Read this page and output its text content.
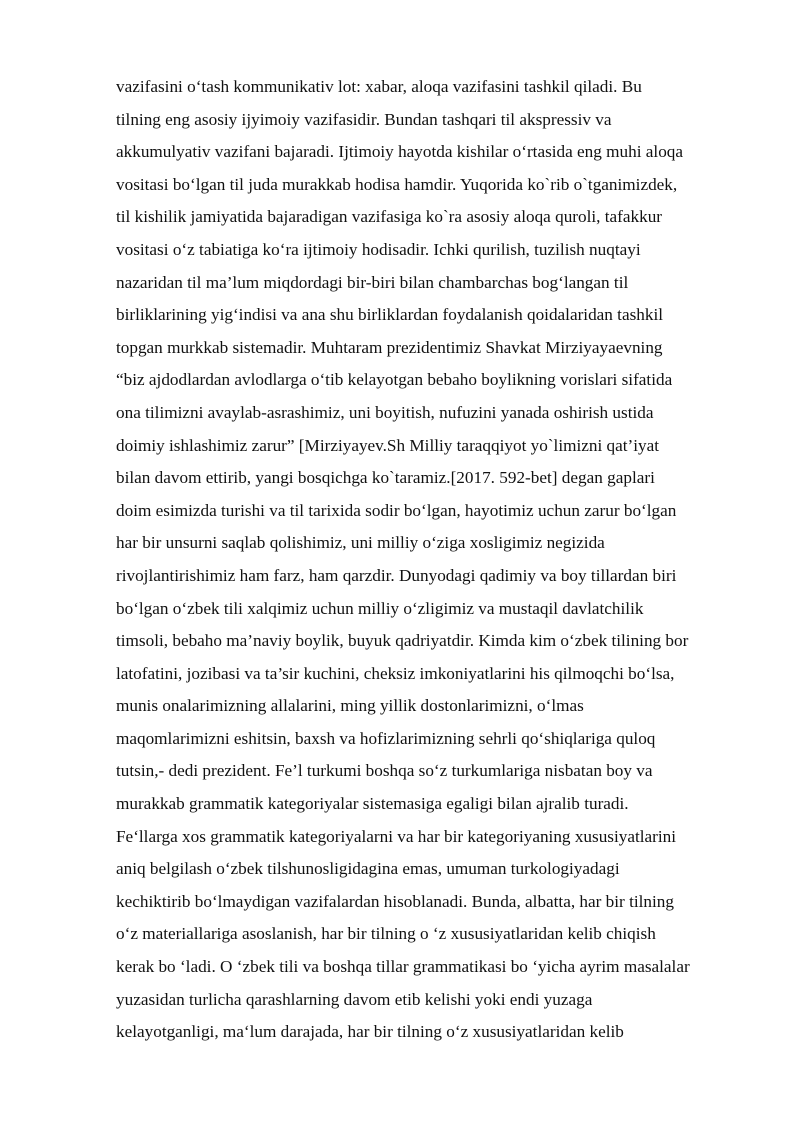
vazifasini o‘tash kommunikativ lot: xabar, aloqa vazifasini tashkil qiladi. Bu
tilning eng asosiy ijyimoiy vazifasidir. Bundan tashqari til akspressiv va
akkumulyativ vazifani bajaradi. Ijtimoiy hayotda kishilar o‘rtasida eng muhi aloqa
vositasi bo‘lgan til juda murakkab hodisa hamdir. Yuqorida ko`rib o`tganimizdek,
til kishilik jamiyatida bajaradigan vazifasiga ko`ra asosiy aloqa quroli, tafakkur
vositasi o‘z tabiatiga ko‘ra ijtimoiy hodisadir. Ichki qurilish, tuzilish nuqtayi
nazaridan til ma’lum miqdordagi bir-biri bilan chambarchas bog‘langan til
birliklarining yig‘indisi va ana shu birliklardan foydalanish qoidalaridan tashkil
topgan murkkab sistemadir. Muhtaram prezidentimiz Shavkat Mirziyayaevning
“biz ajdodlardan avlodlarga o‘tib kelayotgan bebaho boylikning vorislari sifatida
ona tilimizni avaylab-asrashimiz, uni boyitish, nufuzini yanada oshirish ustida
doimiy ishlashimiz zarur” [Mirziyayev.Sh Milliy taraqqiyot yo`limizni qat’iyat
bilan davom ettirib, yangi bosqichga ko`taramiz.[2017. 592-bet] degan gaplari
doim esimizda turishi va til tarixida sodir bo‘lgan, hayotimiz uchun zarur bo‘lgan
har bir unsurni saqlab qolishimiz, uni milliy o‘ziga xosligimiz negizida
rivojlantirishimiz ham farz, ham qarzdir. Dunyodagi qadimiy va boy tillardan biri
bo‘lgan o‘zbek tili xalqimiz uchun milliy o‘zligimiz va mustaqil davlatchilik
timsoli, bebaho ma’naviy boylik, buyuk qadriyatdir. Kimda kim o‘zbek tilining bor
latofatini, jozibasi va ta’sir kuchini, cheksiz imkoniyatlarini his qilmoqchi bo‘lsa,
munis onalarimizning allalarini, ming yillik dostonlarimizni, o‘lmas
maqomlarimizni eshitsin, baxsh va hofizlarimizning sehrli qo‘shiqlariga quloq
tutsin,- dedi prezident. Fe’l turkumi boshqa so‘z turkumlariga nisbatan boy va
murakkab grammatik kategoriyalar sistemasiga egaligi bilan ajralib turadi.
Fe‘llarga xos grammatik kategoriyalarni va har bir kategoriyaning xususiyatlarini
aniq belgilash o‘zbek tilshunosligidagina emas, umuman turkologiyadagi
kechiktirib bo‘lmaydigan vazifalardan hisoblanadi. Bunda, albatta, har bir tilning
o‘z materiallariga asoslanish, har bir tilning o ‘z xususiyatlaridan kelib chiqish
kerak bo ‘ladi. O ‘zbek tili va boshqa tillar grammatikasi bo ‘yicha ayrim masalalar
yuzasidan turlicha qarashlarning davom etib kelishi yoki endi yuzaga
kelayotganligi, ma‘lum darajada, har bir tilning o‘z xususiyatlaridan kelib
